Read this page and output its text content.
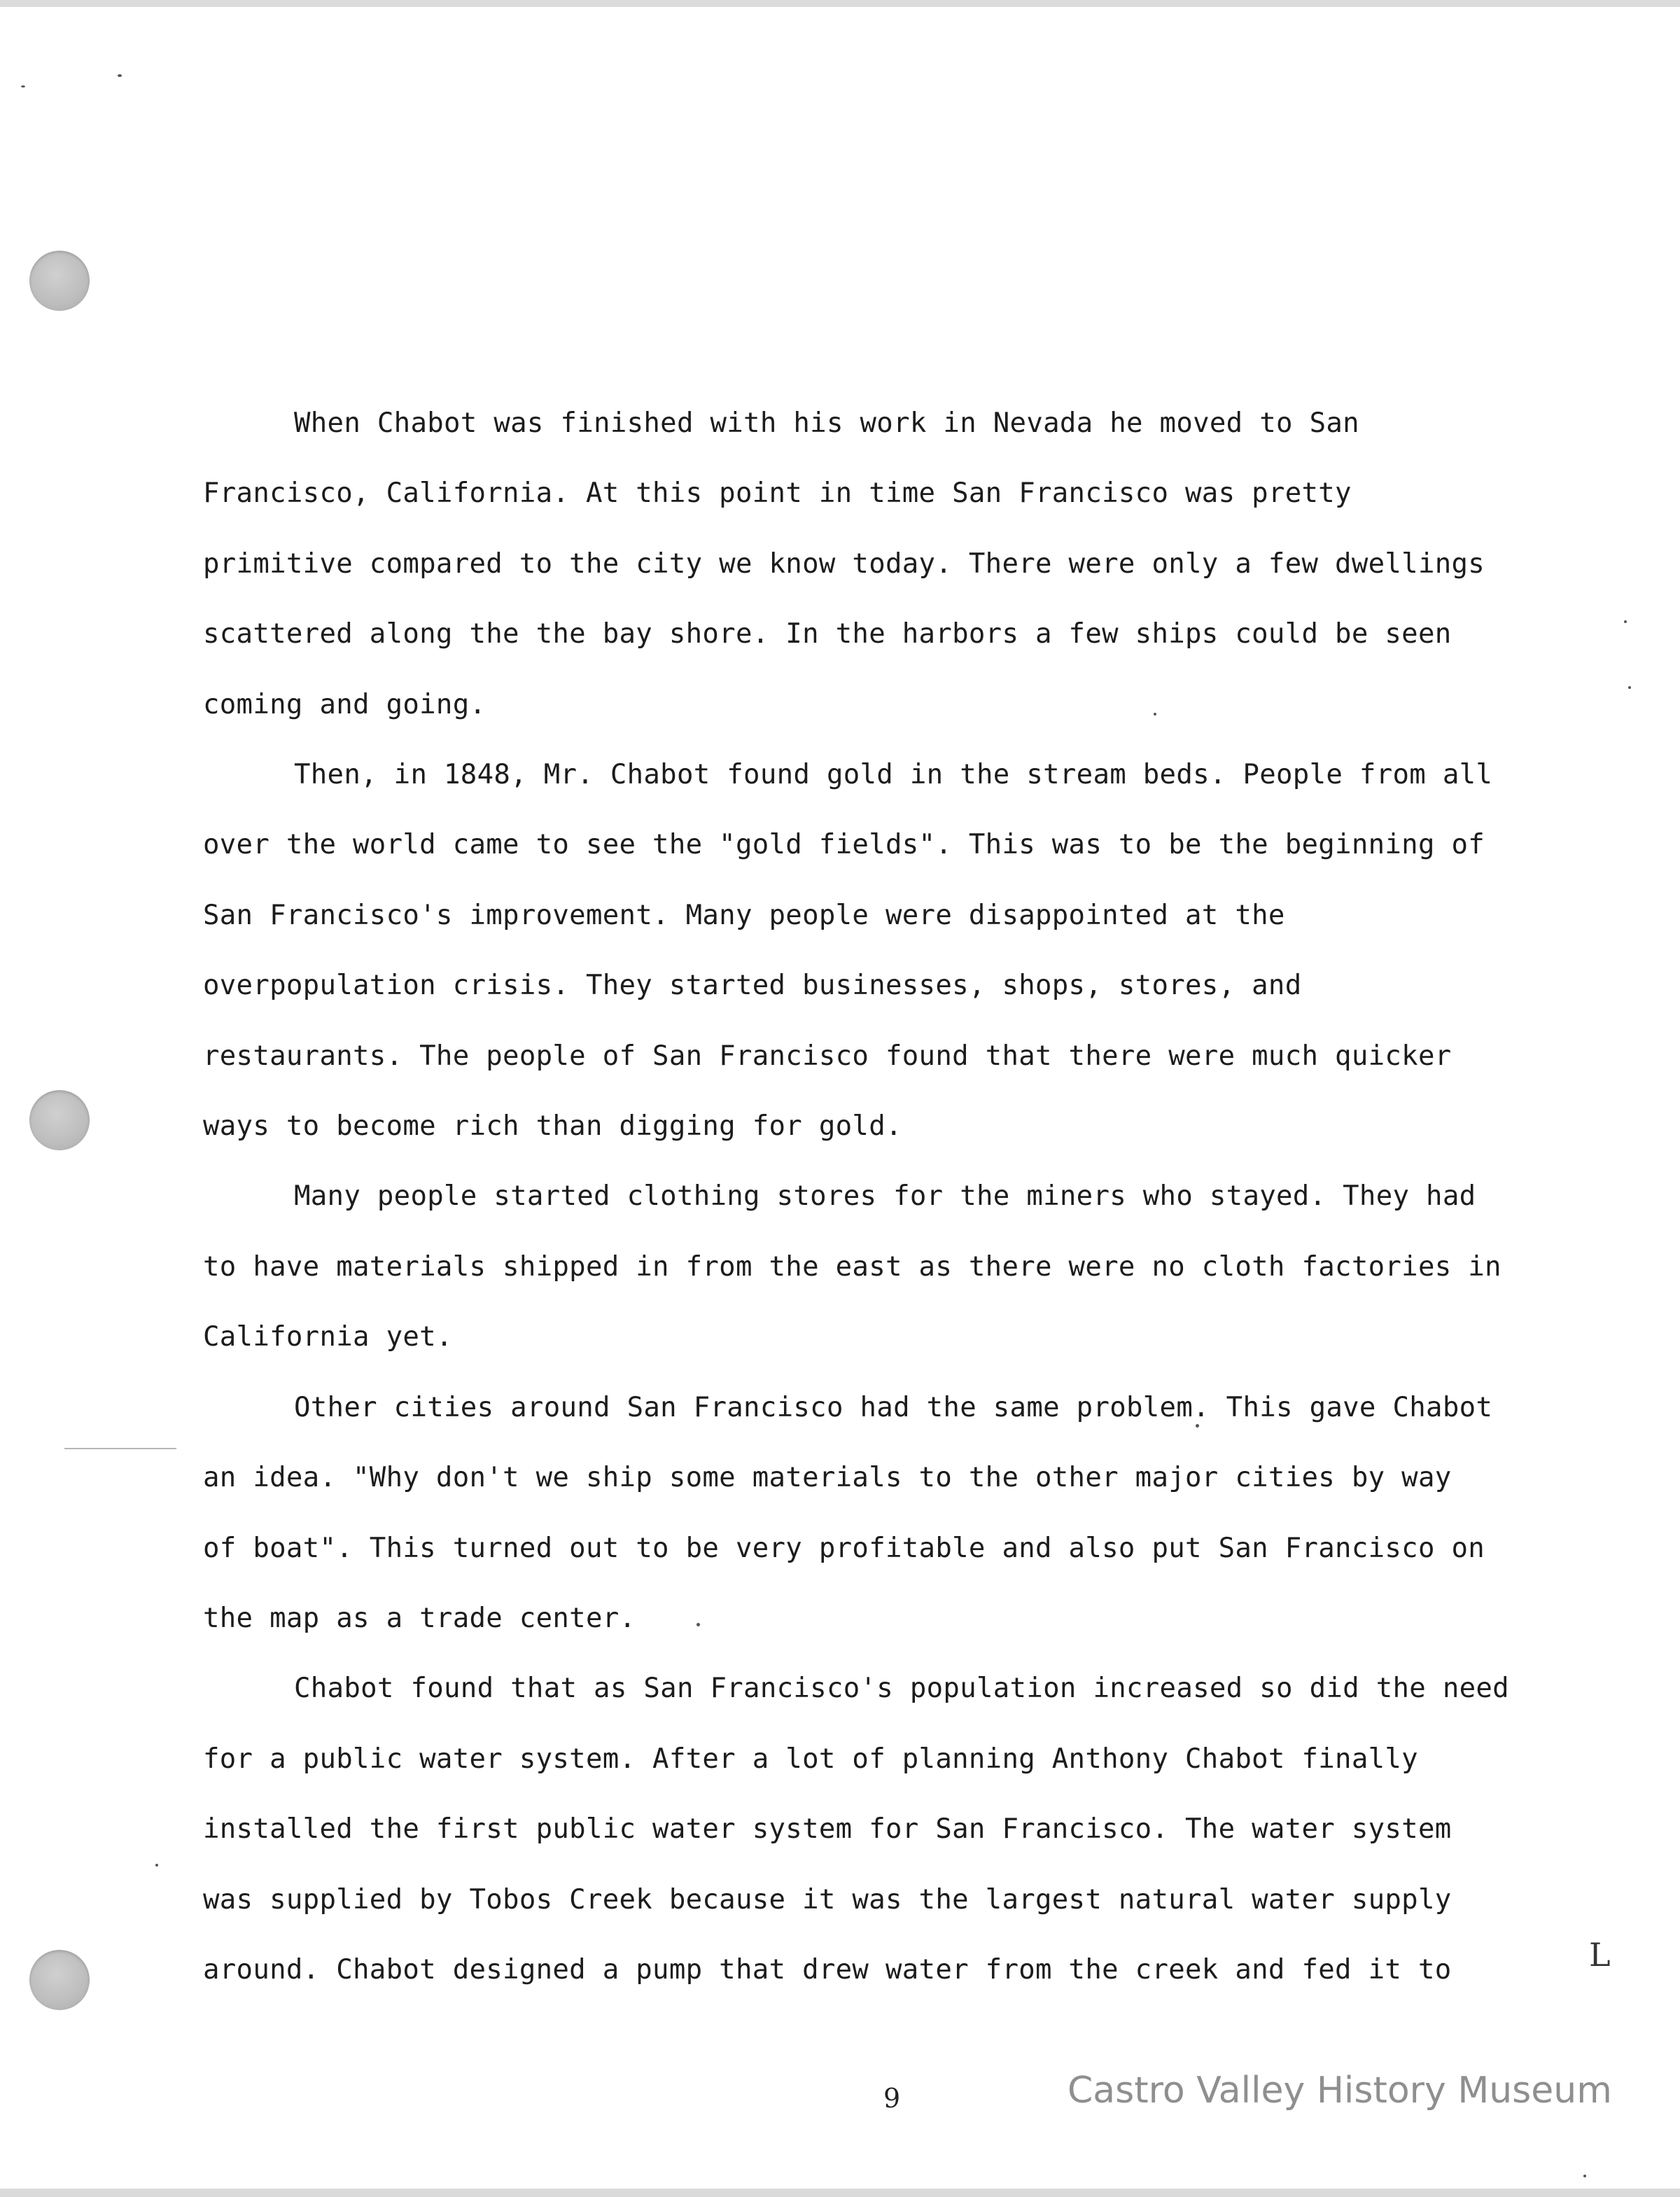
When Chabot was finished with his work in Nevada he moved to San
Francisco, California. At this point in time San Francisco was pretty
primitive compared to the city we know today. There were only a few dwellings
scattered along the the bay shore. In the harbors a few ships could be seen
coming and going.

Then, in 1848, Mr. Chabot found gold in the stream beds. People from all
over the world came to see the "gold fields". This was to be the beginning of
San Francisco's improvement. Many people were disappointed at the
overpopulation crisis. They started businesses, shops, stores, and
restaurants. The people of San Francisco found that there were much quicker
ways to become rich than digging for gold.

Many people started clothing stores for the miners who stayed. They had
to have materials shipped in from the east as there were no cloth factories in
California yet.

Other cities around San Francisco had the same problem. This gave Chabot
an idea. "Why don't we ship some materials to the other major cities by way
of boat". This turned out to be very profitable and also put San Francisco on
the map as a trade center.

Chabot found that as San Francisco's population increased so did the need
for a public water system. After a lot of planning Anthony Chabot finally
installed the first public water system for San Francisco. The water system
was supplied by Tobos Creek because it was the largest natural water supply
around. Chabot designed a pump that drew water from the creek and fed it to	L
9	Castro Valley History Museum
